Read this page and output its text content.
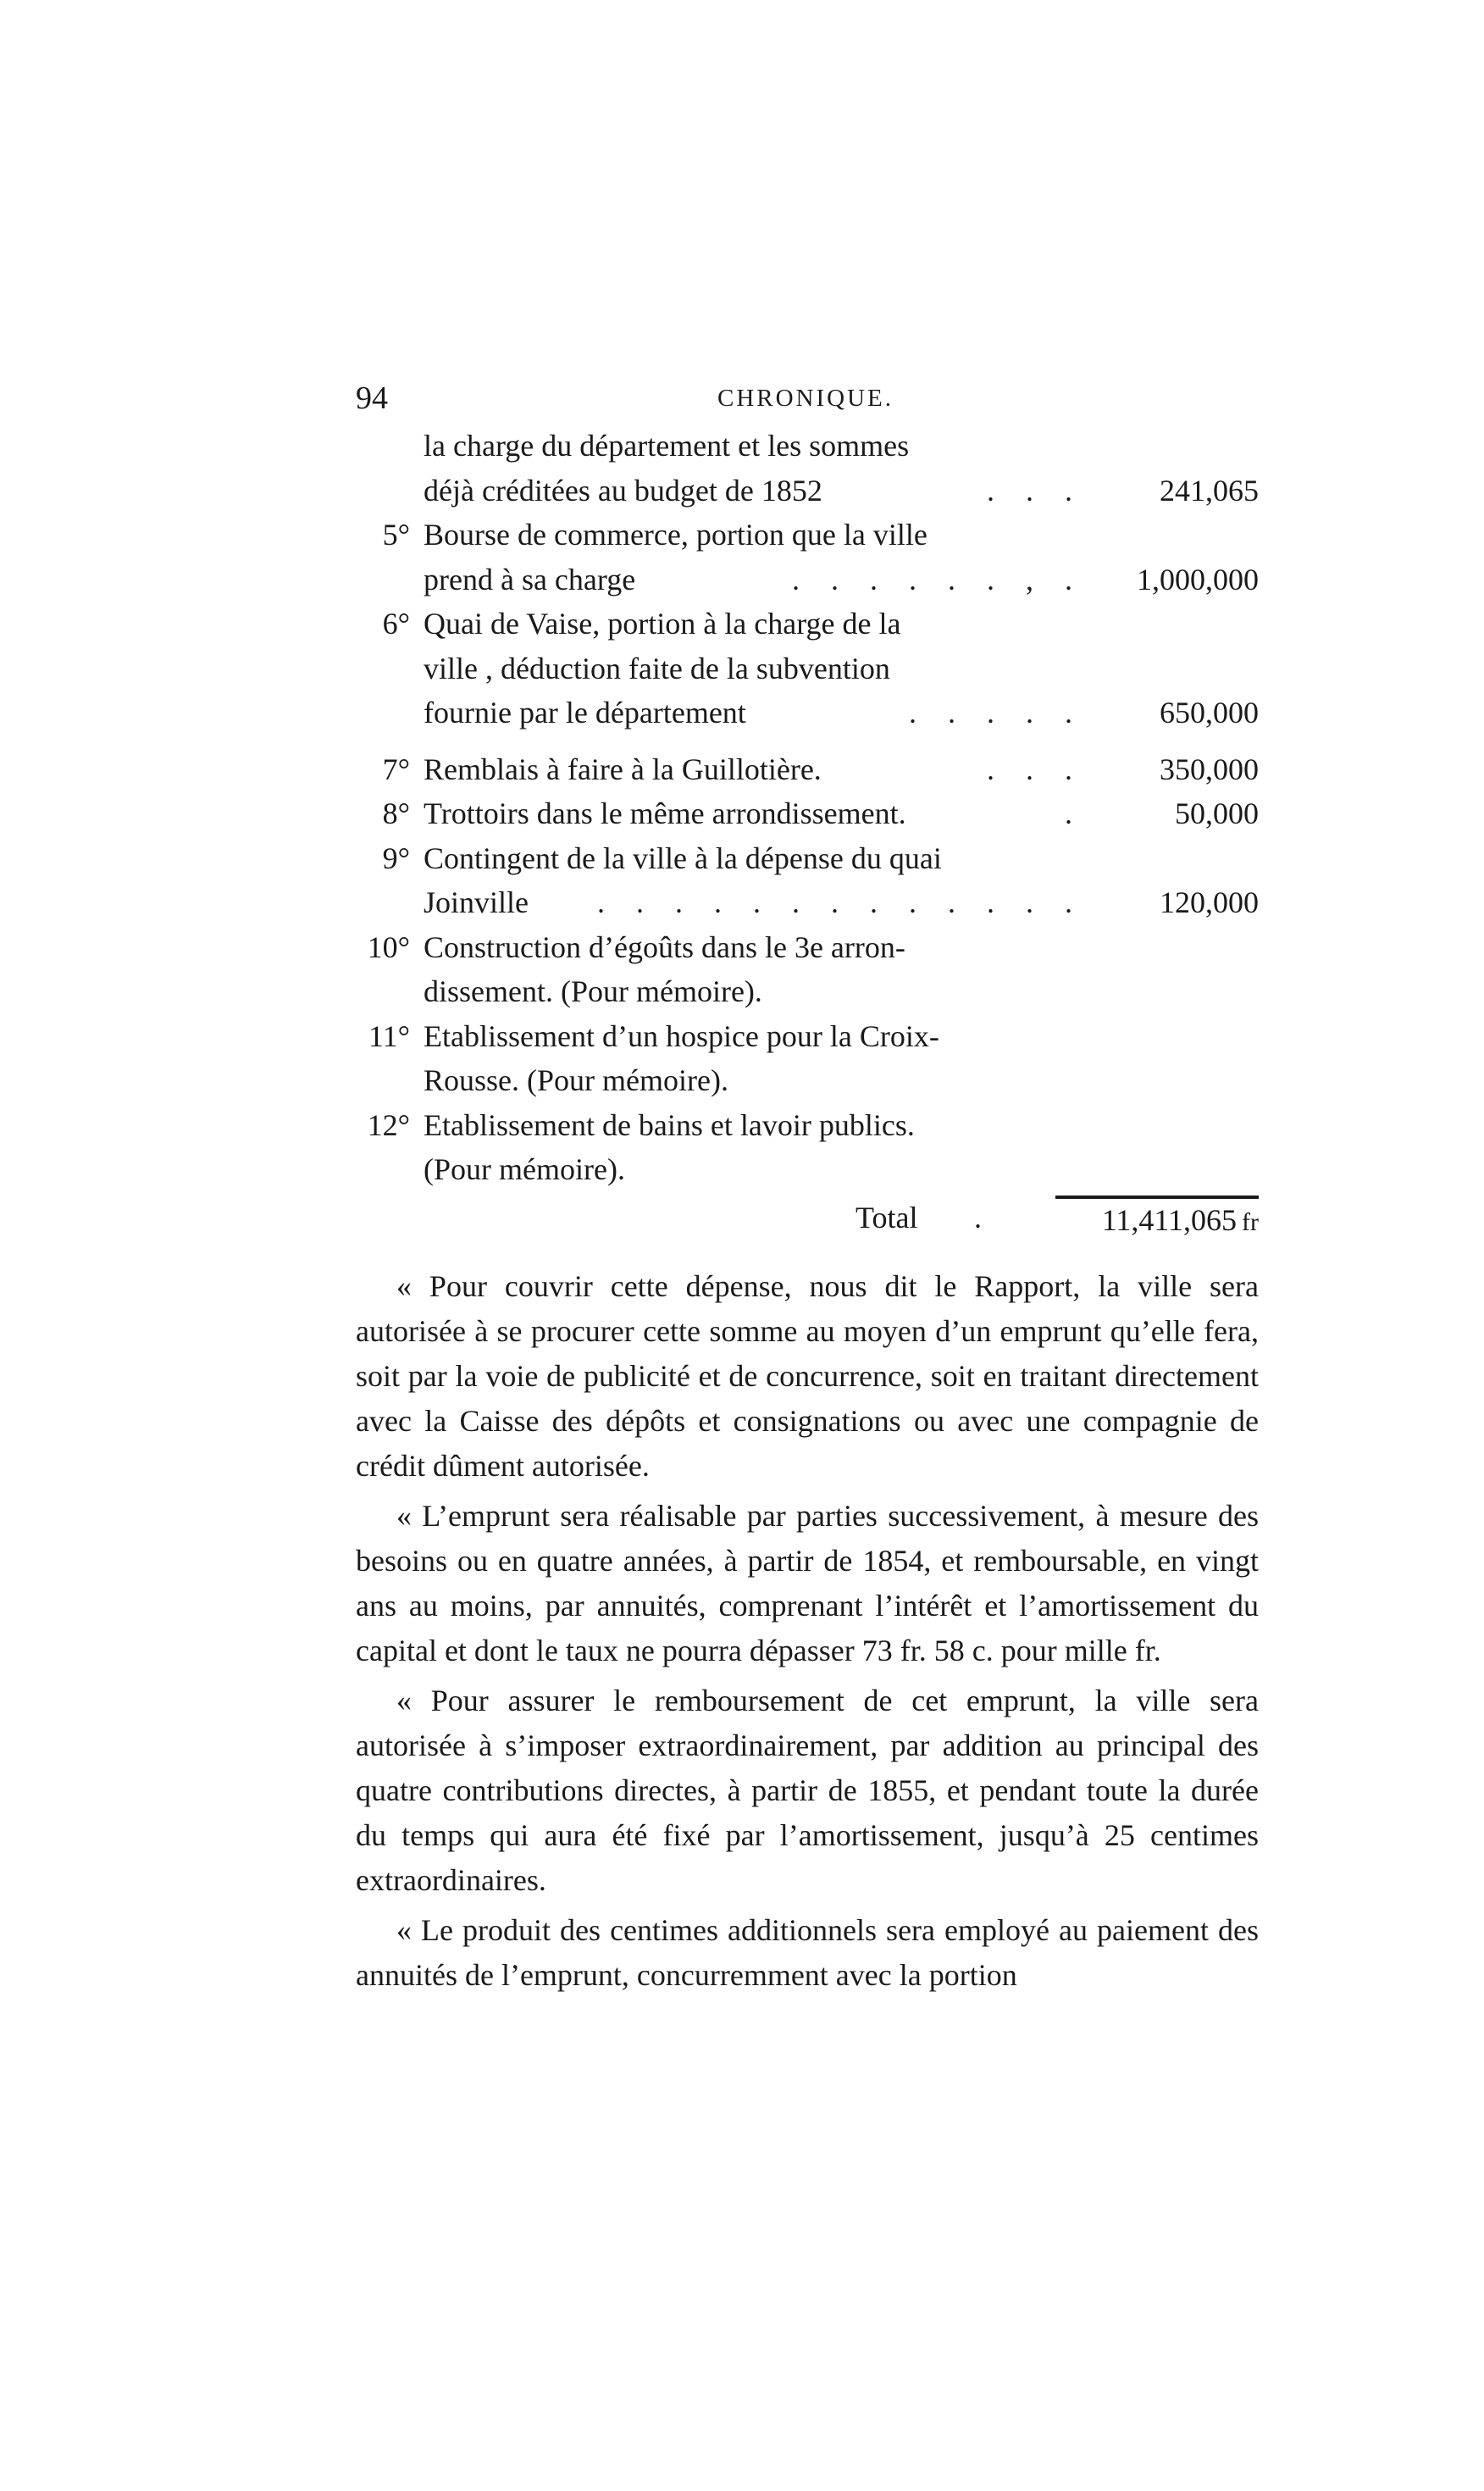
94	CHRONIQUE.
la charge du département et les sommes
déjà créditées au budget de 1852	. . .	241,065
5° Bourse de commerce, portion que la ville
prend à sa charge	. , . . . . . .	1,000,000
6° Quai de Vaise, portion à la charge de la
ville , déduction faite de la subvention
fournie par le département	. . . . .	650,000
7° Remblais à faire à la Guillotière.	. . .	350,000
8° Trottoirs dans le même arrondissement.	.	50,000
9° Contingent de la ville à la dépense du quai
Joinville	. . . . . . . . . . . . .	120,000
10° Construction d’égoûts dans le 3e arron-
dissement. (Pour mémoire).
11° Etablissement d’un hospice pour la Croix-
Rousse. (Pour mémoire).
12° Etablissement de bains et lavoir publics.
(Pour mémoire).
Total .	11,411,065 fr

« Pour couvrir cette dépense, nous dit le Rapport, la ville sera autorisée à se procurer cette somme au moyen d’un emprunt qu’elle fera, soit par la voie de publicité et de concurrence, soit en traitant directement avec la Caisse des dépôts et consignations ou avec une compagnie de crédit dûment autorisée.

« L’emprunt sera réalisable par parties successivement, à mesure des besoins ou en quatre années, à partir de 1854, et remboursable, en vingt ans au moins, par annuités, comprenant l’intérêt et l’amortissement du capital et dont le taux ne pourra dépasser 73 fr. 58 c. pour mille fr.

« Pour assurer le remboursement de cet emprunt, la ville sera autorisée à s’imposer extraordinairement, par addition au principal des quatre contributions directes, à partir de 1855, et pendant toute la durée du temps qui aura été fixé par l’amortissement, jusqu’à 25 centimes extraordinaires.

« Le produit des centimes additionnels sera employé au paiement des annuités de l’emprunt, concurremment avec la portion
